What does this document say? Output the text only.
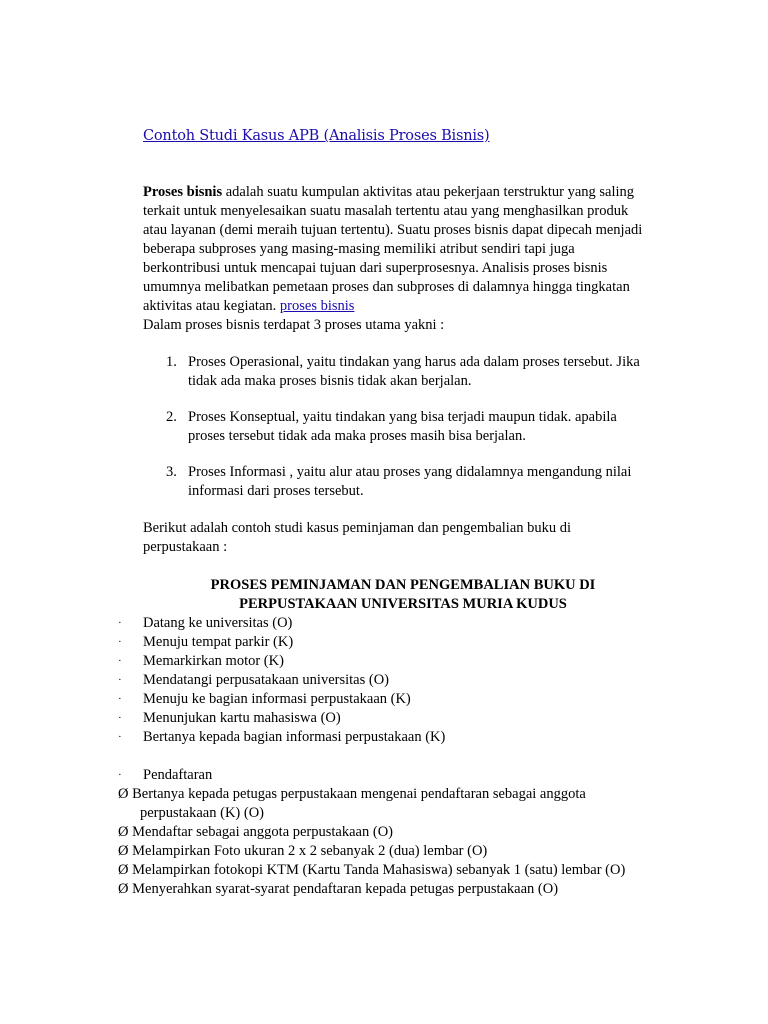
Contoh Studi Kasus APB (Analisis Proses Bisnis)

Proses bisnis adalah suatu kumpulan aktivitas atau pekerjaan terstruktur yang saling
terkait untuk menyelesaikan suatu masalah tertentu atau yang menghasilkan produk
atau layanan (demi meraih tujuan tertentu). Suatu proses bisnis dapat dipecah menjadi
beberapa subproses yang masing-masing memiliki atribut sendiri tapi juga
berkontribusi untuk mencapai tujuan dari superprosesnya. Analisis proses bisnis
umumnya melibatkan pemetaan proses dan subproses di dalamnya hingga tingkatan
aktivitas atau kegiatan. proses bisnis
Dalam proses bisnis terdapat 3 proses utama yakni :

1. Proses Operasional, yaitu tindakan yang harus ada dalam proses tersebut. Jika
tidak ada maka proses bisnis tidak akan berjalan.
2. Proses Konseptual, yaitu tindakan yang bisa terjadi maupun tidak. apabila
proses tersebut tidak ada maka proses masih bisa berjalan.
3. Proses Informasi , yaitu alur atau proses yang didalamnya mengandung nilai
informasi dari proses tersebut.

Berikut adalah contoh studi kasus peminjaman dan pengembalian buku di
perpustakaan :

PROSES PEMINJAMAN DAN PENGEMBALIAN BUKU DI
PERPUSTAKAAN UNIVERSITAS MURIA KUDUS

· Datang ke universitas (O)
· Menuju tempat parkir (K)
· Memarkirkan motor (K)
· Mendatangi perpusatakaan universitas (O)
· Menuju ke bagian informasi perpustakaan (K)
· Menunjukan kartu mahasiswa (O)
· Bertanya kepada bagian informasi perpustakaan (K)
· Pendaftaran
Ø Bertanya kepada petugas perpustakaan mengenai pendaftaran sebagai anggota
perpustakaan (K) (O)
Ø Mendaftar sebagai anggota perpustakaan (O)
Ø Melampirkan Foto ukuran 2 x 2 sebanyak 2 (dua) lembar (O)
Ø Melampirkan fotokopi KTM (Kartu Tanda Mahasiswa) sebanyak 1 (satu) lembar (O)
Ø Menyerahkan syarat-syarat pendaftaran kepada petugas perpustakaan (O)
